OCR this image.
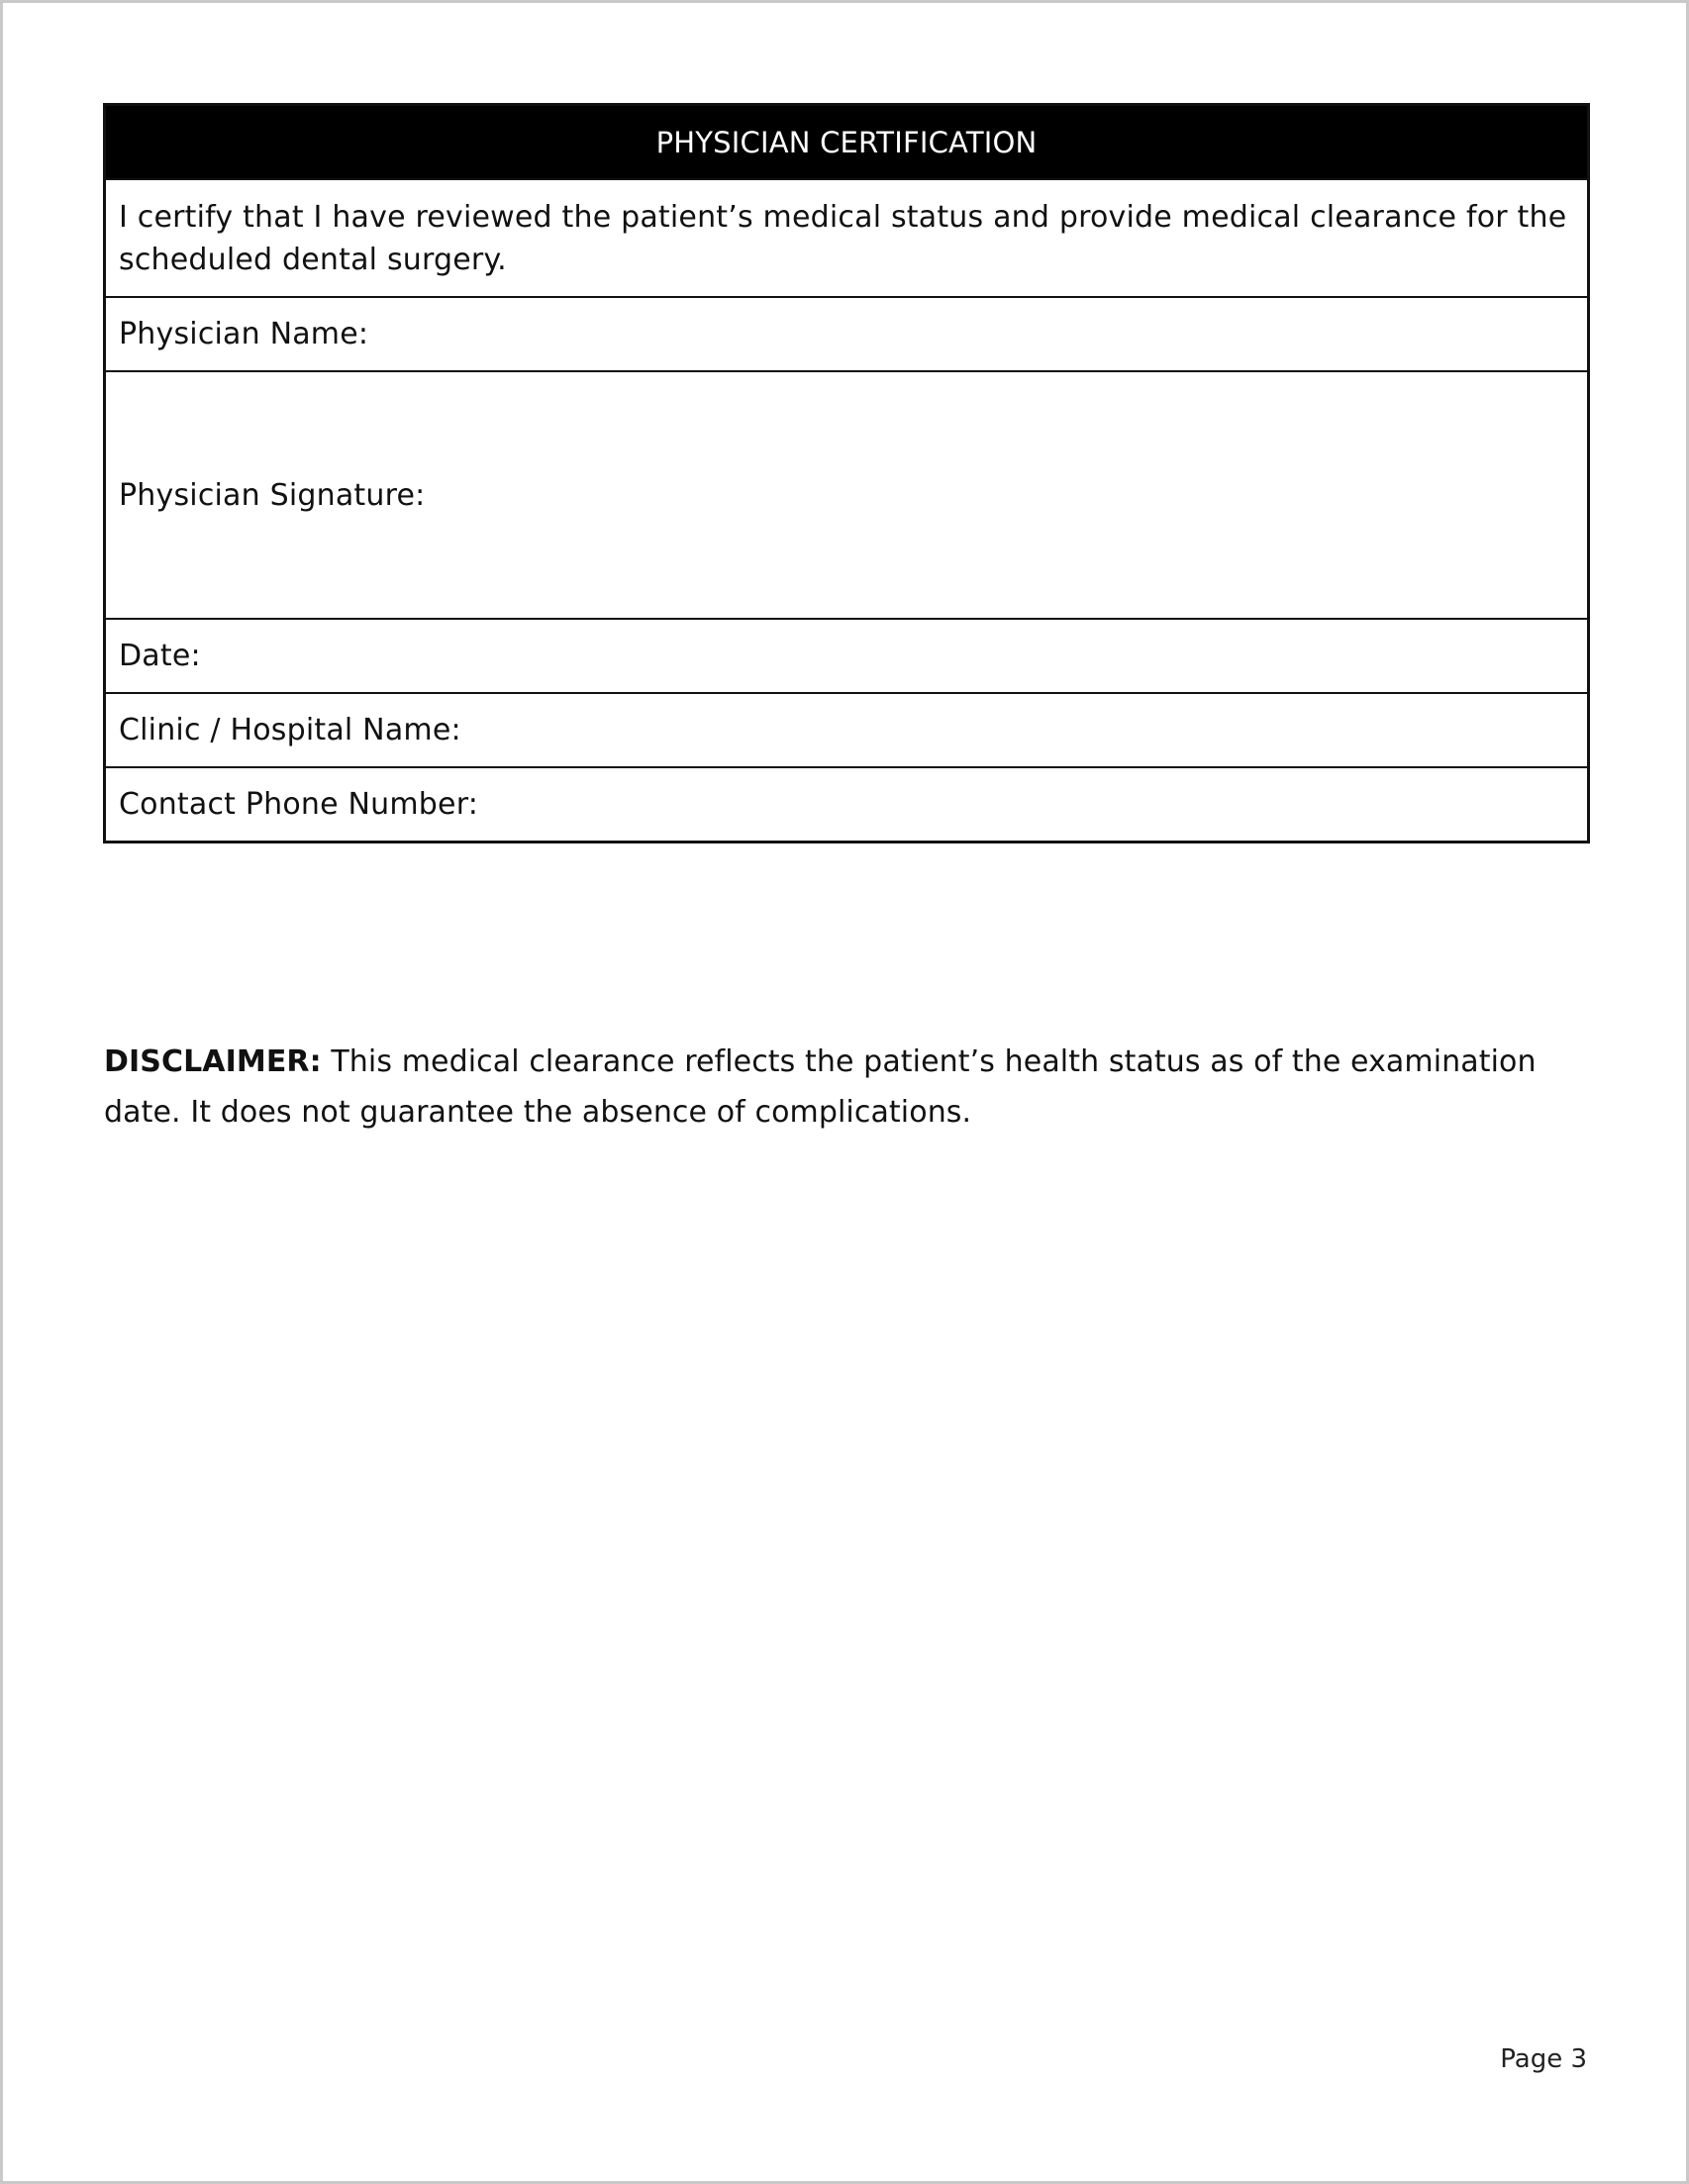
PHYSICIAN CERTIFICATION
I certify that I have reviewed the patient’s medical status and provide medical clearance for the scheduled dental surgery.
Physician Name:
Physician Signature:
Date:
Clinic / Hospital Name:
Contact Phone Number:

DISCLAIMER: This medical clearance reflects the patient’s health status as of the examination date. It does not guarantee the absence of complications.

Page 3
